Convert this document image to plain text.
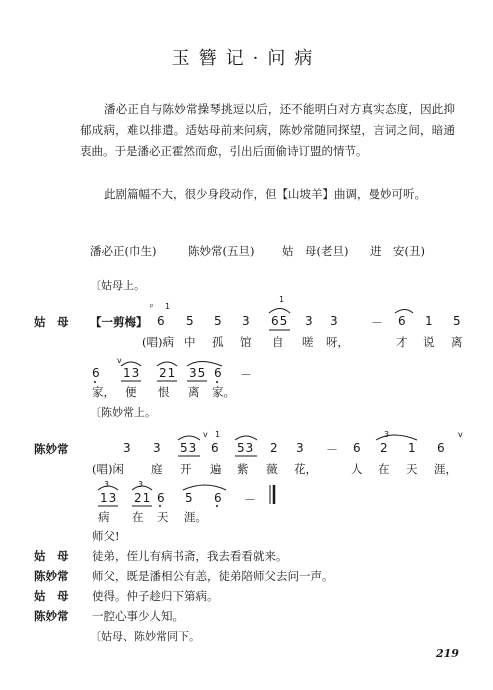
玉簪记·问病
潘必正自与陈妙常操琴挑逗以后，还不能明白对方真实态度，因此抑郁成病，难以排遣。适姑母前来问病，陈妙常随同探望，言词之间，暗通衷曲。于是潘必正霍然而愈，引出后面偷诗订盟的情节。
此剧篇幅不大，很少身段动作，但【山坡羊】曲调，曼妙可听。
潘必正(巾生)	陈妙常(五旦) 姑　母(老旦) 进　安(丑)
〔姑母上。
姑　母 【一剪梅】 6 5 5 3 65 3 3	－ 6 1 5
(唱)病 中 孤 馆 自 嗟 呀，	才 说 离
6 13 21 35 6 －
家， 便 恨 离 家。
〔陈妙常上。
陈妙常	3 3 53 6 53 2 3 － 6 2 1 6
(唱)闲 庭 开 遍 紫 薇 花，	人 在 天 涯，
13 21 6 5 6 －
病 在 天 涯。
师父!
姑　母 徒弟，侄儿有病书斋，我去看看就来。
陈妙常 师父，既是潘相公有恙，徒弟陪师父去问一声。
姑　母 使得。仲子趁归下第病。
陈妙常 一腔心事少人知。
〔姑母、陈妙常同下。
219
1
1
1	3
3
3
ᵖ
v
v	v
